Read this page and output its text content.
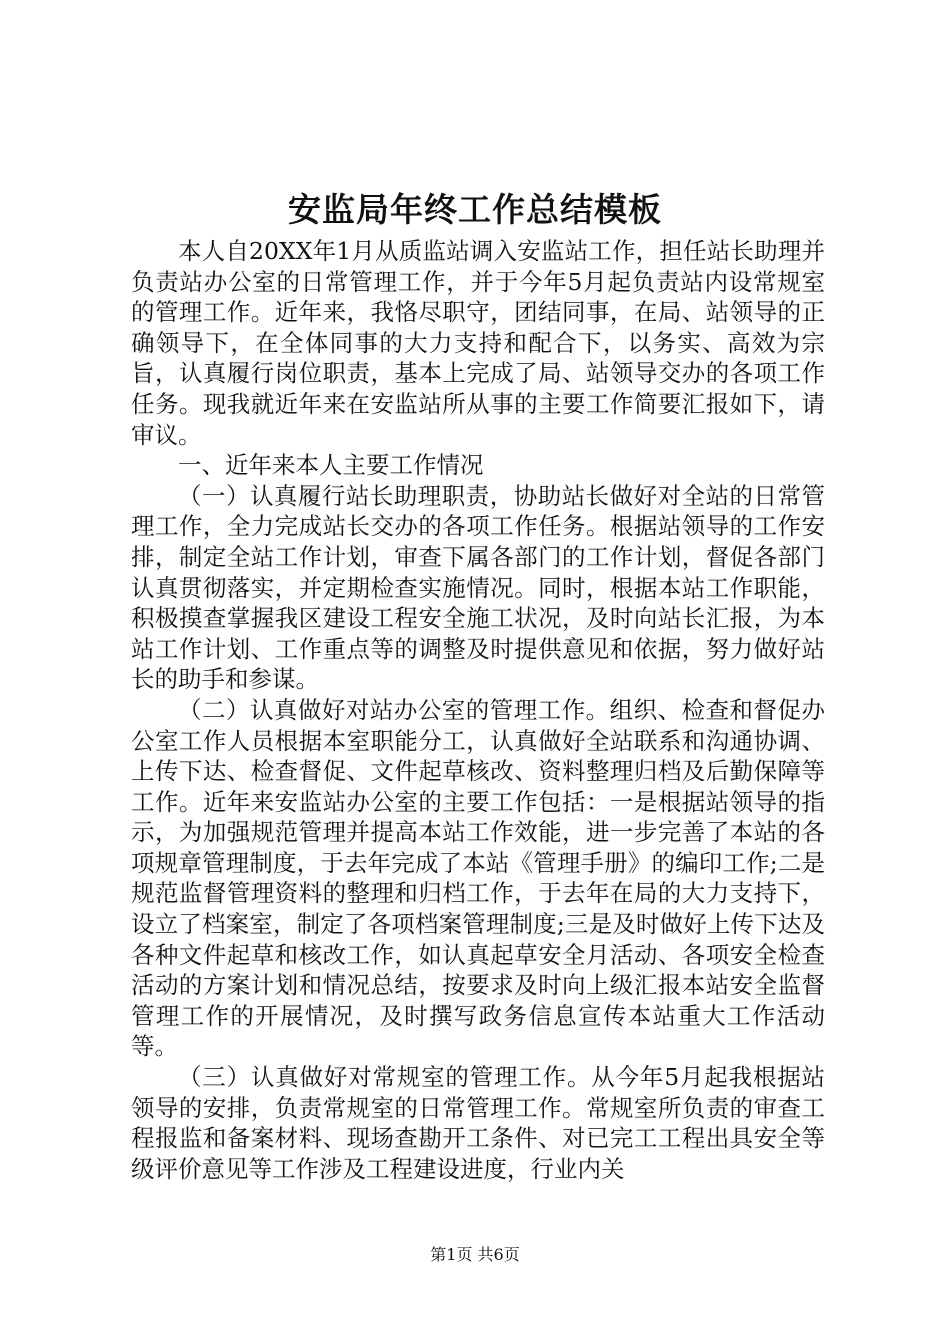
安监局年终工作总结模板

本人自20XX年1月从质监站调入安监站工作，担任站长助理并负责站办公室的日常管理工作，并于今年5月起负责站内设常规室的管理工作。近年来，我恪尽职守，团结同事，在局、站领导的正确领导下，在全体同事的大力支持和配合下，以务实、高效为宗旨，认真履行岗位职责，基本上完成了局、站领导交办的各项工作任务。现我就近年来在安监站所从事的主要工作简要汇报如下，请审议。

一、近年来本人主要工作情况

（一）认真履行站长助理职责，协助站长做好对全站的日常管理工作，全力完成站长交办的各项工作任务。根据站领导的工作安排，制定全站工作计划，审查下属各部门的工作计划，督促各部门认真贯彻落实，并定期检查实施情况。同时，根据本站工作职能，积极摸查掌握我区建设工程安全施工状况，及时向站长汇报，为本站工作计划、工作重点等的调整及时提供意见和依据，努力做好站长的助手和参谋。

（二）认真做好对站办公室的管理工作。组织、检查和督促办公室工作人员根据本室职能分工，认真做好全站联系和沟通协调、上传下达、检查督促、文件起草核改、资料整理归档及后勤保障等工作。近年来安监站办公室的主要工作包括：一是根据站领导的指示，为加强规范管理并提高本站工作效能，进一步完善了本站的各项规章管理制度，于去年完成了本站《管理手册》的编印工作;二是规范监督管理资料的整理和归档工作，于去年在局的大力支持下，设立了档案室，制定了各项档案管理制度;三是及时做好上传下达及各种文件起草和核改工作，如认真起草安全月活动、各项安全检查活动的方案计划和情况总结，按要求及时向上级汇报本站安全监督管理工作的开展情况，及时撰写政务信息宣传本站重大工作活动等。

（三）认真做好对常规室的管理工作。从今年5月起我根据站领导的安排，负责常规室的日常管理工作。常规室所负责的审查工程报监和备案材料、现场查勘开工条件、对已完工工程出具安全等级评价意见等工作涉及工程建设进度，行业内关

第1页 共6页
